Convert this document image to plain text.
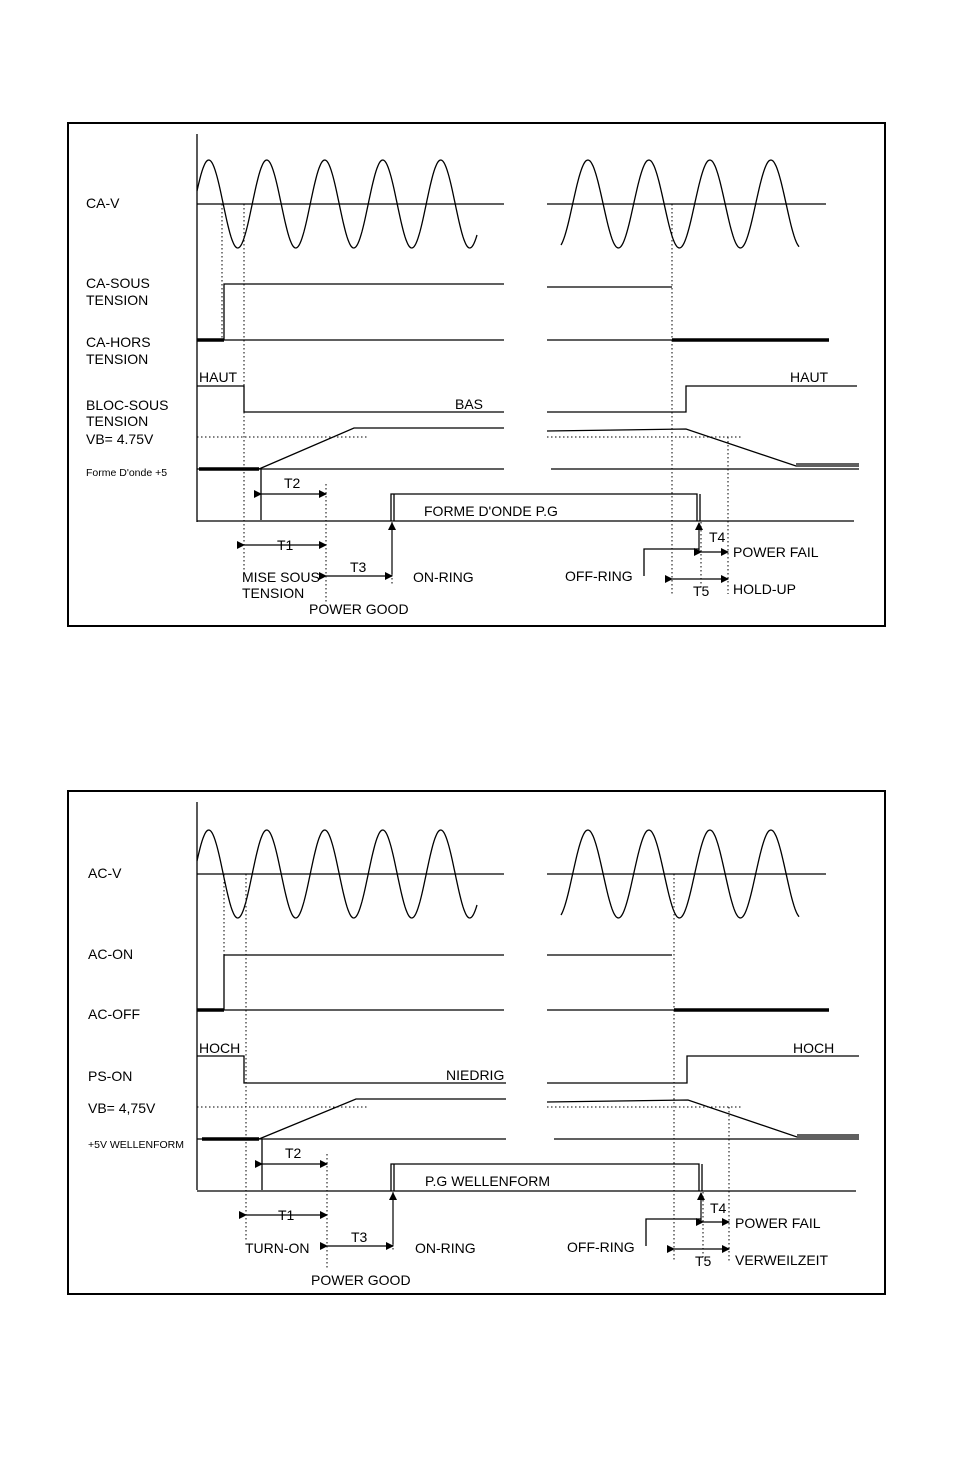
CA-V
CA-SOUS
TENSION
CA-HORS
TENSION
HAUT
BLOC-SOUS
TENSION
BAS
HAUT
VB= 4.75V
Forme D'onde +5
FORME D'ONDE P.G
T2
T1
T3
T4
T5
MISE SOUS
TENSION
POWER GOOD
ON-RING	OFF-RING
POWER FAIL
HOLD-UP
AC-V
AC-ON
AC-OFF
HOCH
PS-ON	NIEDRIG
HOCH
VB= 4,75V
+5V WELLENFORM
P.G WELLENFORM
T2
T1
T3
T4
T5
TURN-ON
POWER GOOD
ON-RING	OFF-RING
POWER FAIL
VERWEILZEIT
